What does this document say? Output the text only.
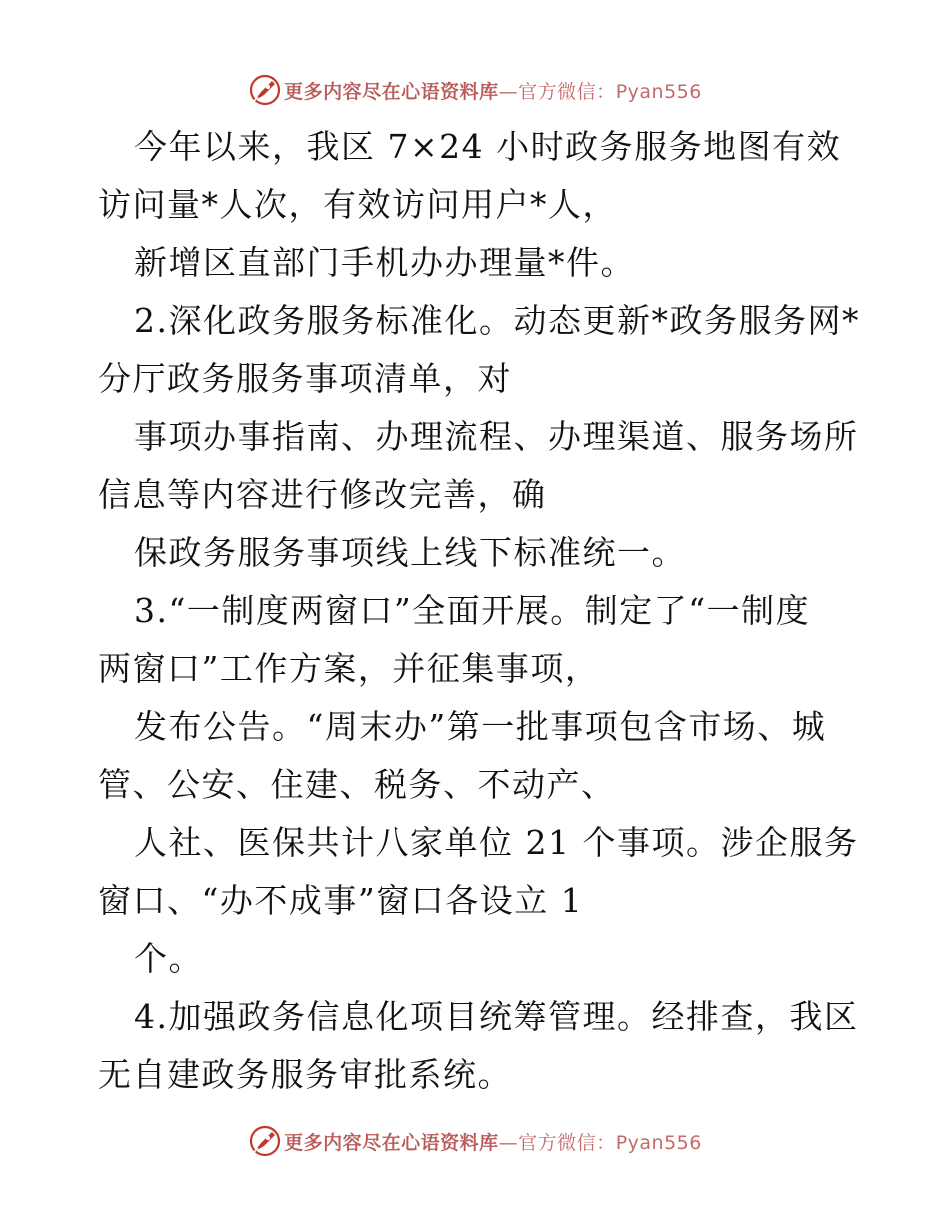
更多内容尽在心语资料库—官方微信：Pyan556
今年以来，我区 7×24 小时政务服务地图有效
访问量*人次，有效访问用户*人，
新增区直部门手机办办理量*件。
2.深化政务服务标准化。动态更新*政务服务网*
分厅政务服务事项清单，对
事项办事指南、办理流程、办理渠道、服务场所
信息等内容进行修改完善，确
保政务服务事项线上线下标准统一。
3.“一制度两窗口”全面开展。制定了“一制度
两窗口”工作方案，并征集事项，
发布公告。“周末办”第一批事项包含市场、城
管、公安、住建、税务、不动产、
人社、医保共计八家单位 21 个事项。涉企服务
窗口、“办不成事”窗口各设立 1
个。
4.加强政务信息化项目统筹管理。经排查，我区
无自建政务服务审批系统。
更多内容尽在心语资料库—官方微信：Pyan556
